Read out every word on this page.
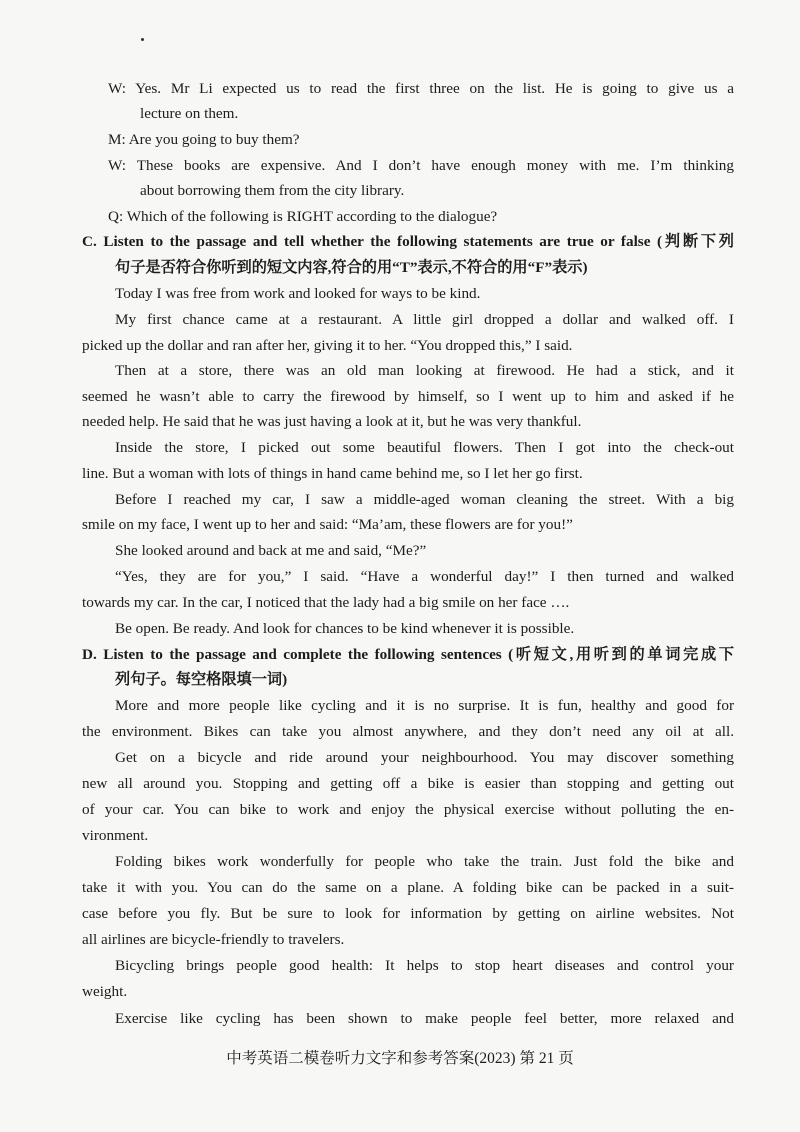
W: Yes. Mr Li expected us to read the first three on the list. He is going to give us a
lecture on them.
M: Are you going to buy them?
W: These books are expensive. And I don’t have enough money with me. I’m thinking
about borrowing them from the city library.
Q: Which of the following is RIGHT according to the dialogue?
C. Listen to the passage and tell whether the following statements are true or false (判断下列
句子是否符合你听到的短文内容,符合的用“T”表示,不符合的用“F”表示)
Today I was free from work and looked for ways to be kind.
My first chance came at a restaurant. A little girl dropped a dollar and walked off. I
picked up the dollar and ran after her, giving it to her. “You dropped this,” I said.
Then at a store, there was an old man looking at firewood. He had a stick, and it
seemed he wasn’t able to carry the firewood by himself, so I went up to him and asked if he
needed help. He said that he was just having a look at it, but he was very thankful.
Inside the store, I picked out some beautiful flowers. Then I got into the check-out
line. But a woman with lots of things in hand came behind me, so I let her go first.
Before I reached my car, I saw a middle-aged woman cleaning the street. With a big
smile on my face, I went up to her and said: “Ma’am, these flowers are for you!”
She looked around and back at me and said, “Me?”
“Yes, they are for you,” I said. “Have a wonderful day!” I then turned and walked
towards my car. In the car, I noticed that the lady had a big smile on her face ….
Be open. Be ready. And look for chances to be kind whenever it is possible.
D. Listen to the passage and complete the following sentences (听短文,用听到的单词完成下
列句子。每空格限填一词)
More and more people like cycling and it is no surprise. It is fun, healthy and good for
the environment. Bikes can take you almost anywhere, and they don’t need any oil at all.
Get on a bicycle and ride around your neighbourhood. You may discover something
new all around you. Stopping and getting off a bike is easier than stopping and getting out
of your car. You can bike to work and enjoy the physical exercise without polluting the en-
vironment.
Folding bikes work wonderfully for people who take the train. Just fold the bike and
take it with you. You can do the same on a plane. A folding bike can be packed in a suit-
case before you fly. But be sure to look for information by getting on airline websites. Not
all airlines are bicycle-friendly to travelers.
Bicycling brings people good health: It helps to stop heart diseases and control your
weight.
Exercise like cycling has been shown to make people feel better, more relaxed and
中考英语二模卷听力文字和参考答案(2023) 第 21 页
